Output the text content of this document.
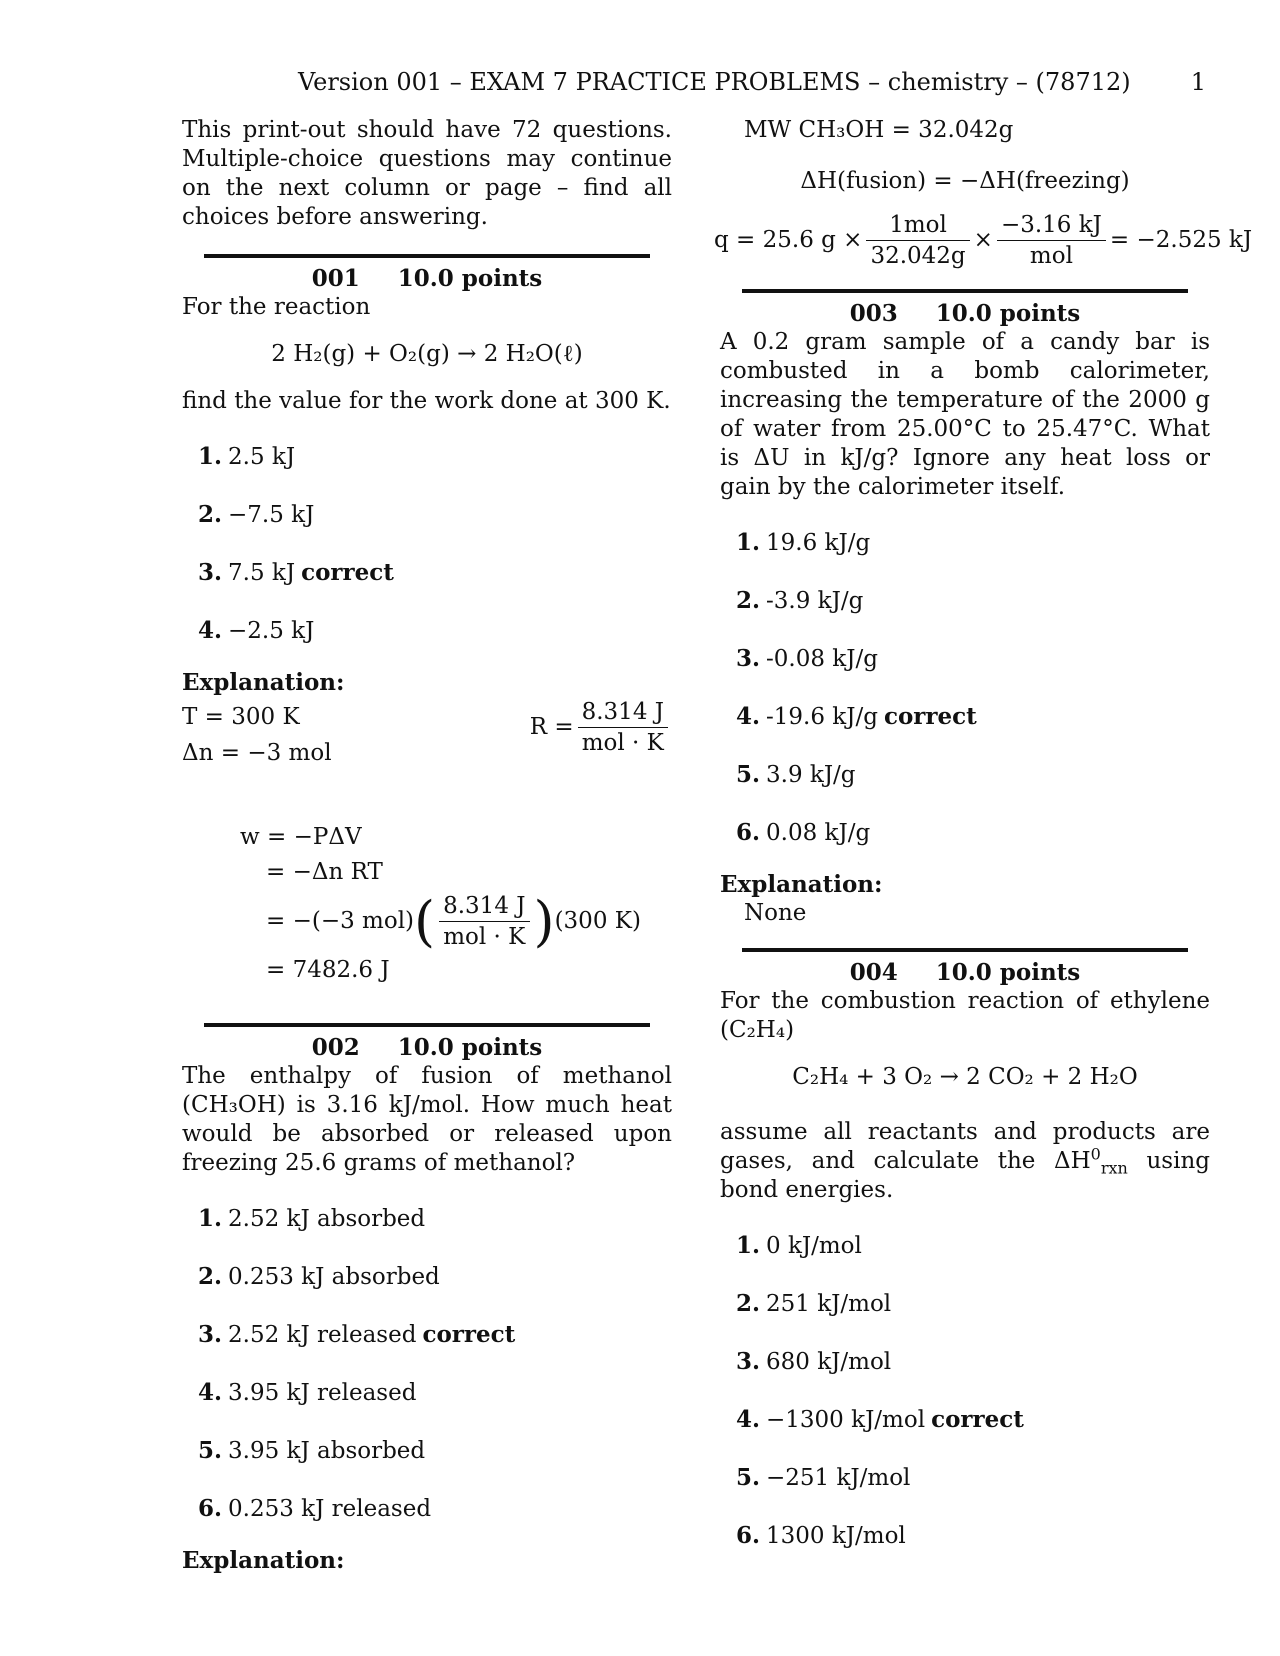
Version 001 – EXAM 7 PRACTICE PROBLEMS – chemistry – (78712)	1
This print-out should have 72 questions. Multiple-choice questions may continue on the next column or page – find all choices before answering.
001 10.0 points
For the reaction
2 H₂(g) + O₂(g) → 2 H₂O(ℓ)
find the value for the work done at 300 K.
1. 2.5 kJ
2. −7.5 kJ
3. 7.5 kJ correct
4. −2.5 kJ
Explanation:
T = 300 K
Δn = −3 mol
$R = \frac{8.314 J}{\text{mol · K}}$
w = −PΔV
= −Δn RT
= −(−3 mol) ( $\frac{8.314 J}{\text{mol · K}}$ ) (300 K)
= 7482.6 J
002 10.0 points
The enthalpy of fusion of methanol (CH₃OH) is 3.16 kJ/mol. How much heat would be absorbed or released upon freezing 25.6 grams of methanol?
1. 2.52 kJ absorbed
2. 0.253 kJ absorbed
3. 2.52 kJ released correct
4. 3.95 kJ released
5. 3.95 kJ absorbed
6. 0.253 kJ released
Explanation:
MW CH₃OH = 32.042g
ΔH(fusion) = −ΔH(freezing)
q = 25.6 $g \times \frac{\text{1mol}}{32.042g} \times \frac{-3.16 kJ}{\text{mol}} = -2.525$ kJ
003 10.0 points
A 0.2 gram sample of a candy bar is combusted in a bomb calorimeter, increasing the temperature of the 2000 g of water from 25.00°C to 25.47°C. What is ΔU in kJ/g? Ignore any heat loss or gain by the calorimeter itself.
1. 19.6 kJ/g
2. -3.9 kJ/g
3. -0.08 kJ/g
4. -19.6 kJ/g correct
5. 3.9 kJ/g
6. 0.08 kJ/g
Explanation:
None
004 10.0 points
For the combustion reaction of ethylene (C₂H₄)
C₂H₄ + 3 O₂ → 2 CO₂ + 2 H₂O
assume all reactants and products are gases, and calculate the $\Delta H^0_{rxn}$ using bond energies.
1. 0 kJ/mol
2. 251 kJ/mol
3. 680 kJ/mol
4. −1300 kJ/mol correct
5. −251 kJ/mol
6. 1300 kJ/mol
